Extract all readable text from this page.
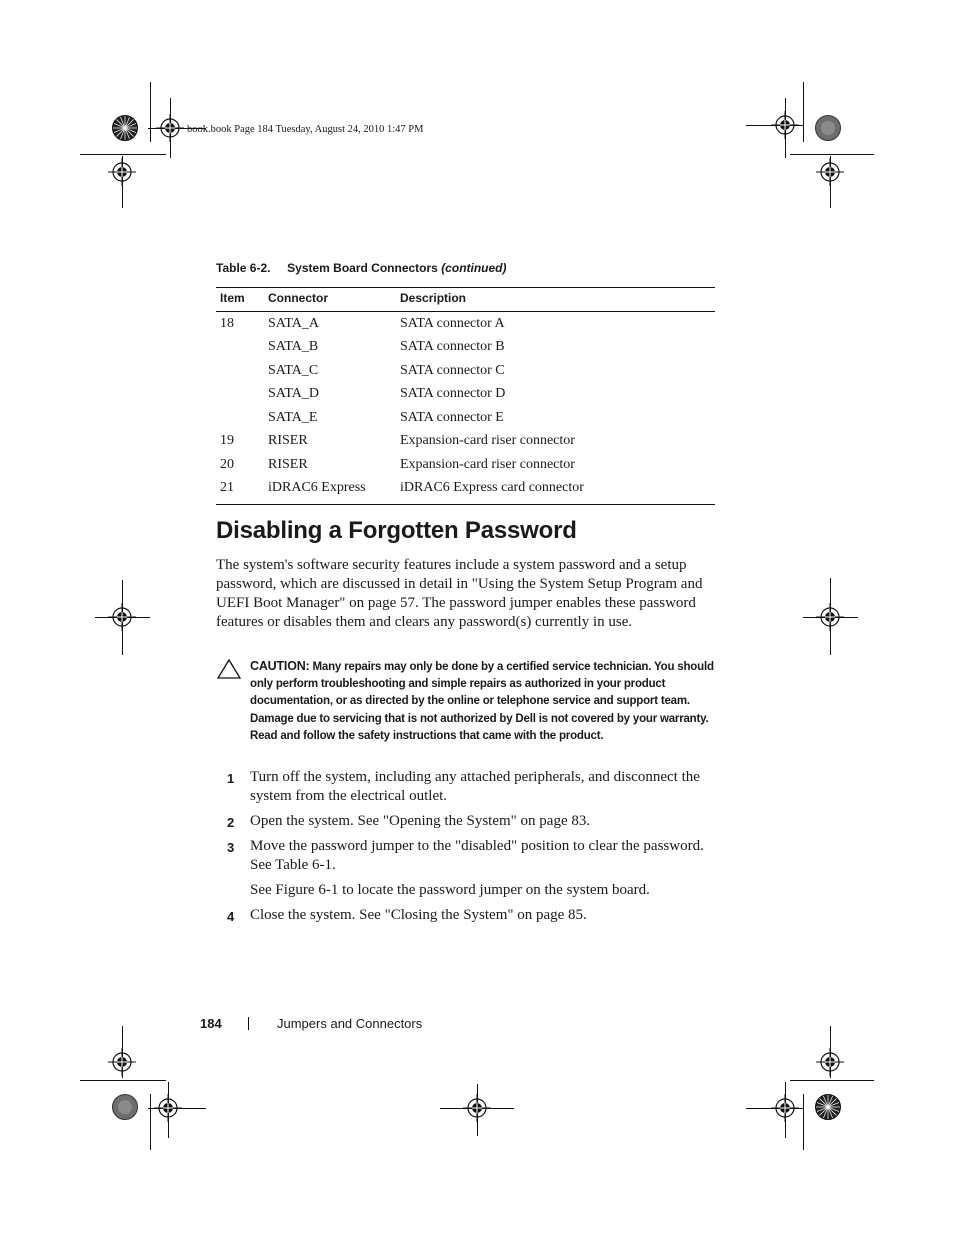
book.book Page 184 Tuesday, August 24, 2010 1:47 PM
Table 6-2. System Board Connectors (continued)
Item	Connector	Description
18	SATA_A	SATA connector A
	SATA_B	SATA connector B
	SATA_C	SATA connector C
	SATA_D	SATA connector D
	SATA_E	SATA connector E
19	RISER	Expansion-card riser connector
20	RISER	Expansion-card riser connector
21	iDRAC6 Express	iDRAC6 Express card connector
Disabling a Forgotten Password

The system's software security features include a system password and a setup password, which are discussed in detail in "Using the System Setup Program and UEFI Boot Manager" on page 57. The password jumper enables these password features or disables them and clears any password(s) currently in use.

CAUTION: Many repairs may only be done by a certified service technician. You should only perform troubleshooting and simple repairs as authorized in your product documentation, or as directed by the online or telephone service and support team. Damage due to servicing that is not authorized by Dell is not covered by your warranty. Read and follow the safety instructions that came with the product.

1 Turn off the system, including any attached peripherals, and disconnect the system from the electrical outlet.
2 Open the system. See "Opening the System" on page 83.
3 Move the password jumper to the "disabled" position to clear the password. See Table 6-1.
See Figure 6-1 to locate the password jumper on the system board.
4 Close the system. See "Closing the System" on page 85.
184	Jumpers and Connectors
